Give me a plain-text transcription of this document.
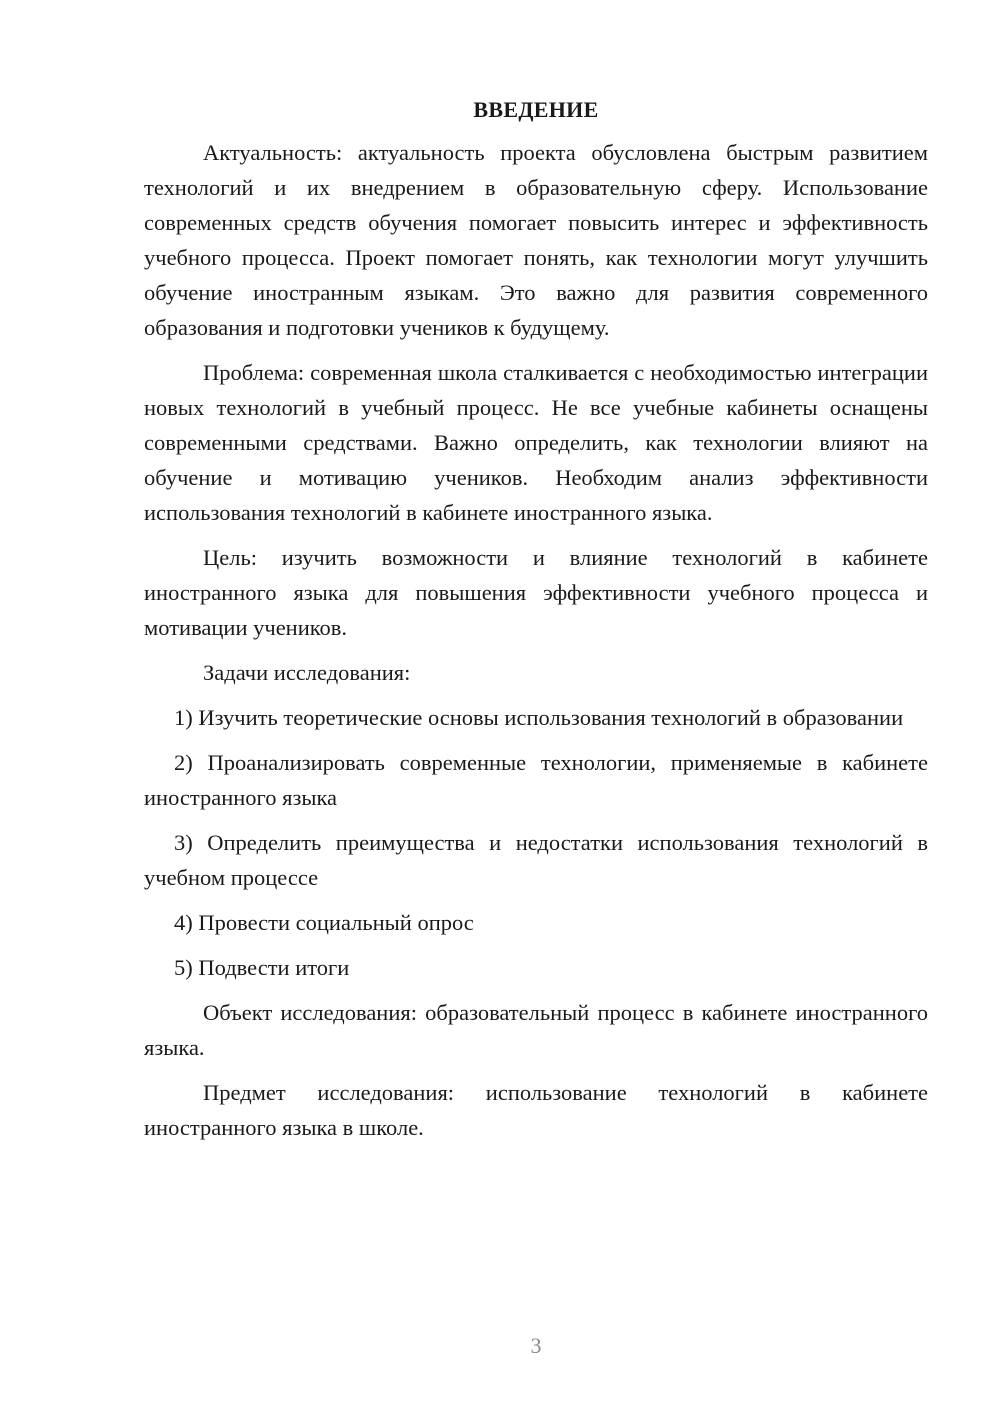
ВВЕДЕНИЕ

Актуальность: актуальность проекта обусловлена быстрым развитием технологий и их внедрением в образовательную сферу. Использование современных средств обучения помогает повысить интерес и эффективность учебного процесса. Проект помогает понять, как технологии могут улучшить обучение иностранным языкам. Это важно для развития современного образования и подготовки учеников к будущему.

Проблема: современная школа сталкивается с необходимостью интеграции новых технологий в учебный процесс. Не все учебные кабинеты оснащены современными средствами. Важно определить, как технологии влияют на обучение и мотивацию учеников. Необходим анализ эффективности использования технологий в кабинете иностранного языка.

Цель: изучить возможности и влияние технологий в кабинете иностранного языка для повышения эффективности учебного процесса и мотивации учеников.

Задачи исследования:

1) Изучить теоретические основы использования технологий в образовании

2) Проанализировать современные технологии, применяемые в кабинете иностранного языка

3) Определить преимущества и недостатки использования технологий в учебном процессе

4) Провести социальный опрос

5) Подвести итоги

Объект исследования: образовательный процесс в кабинете иностранного языка.

Предмет исследования: использование технологий в кабинете иностранного языка в школе.

3
